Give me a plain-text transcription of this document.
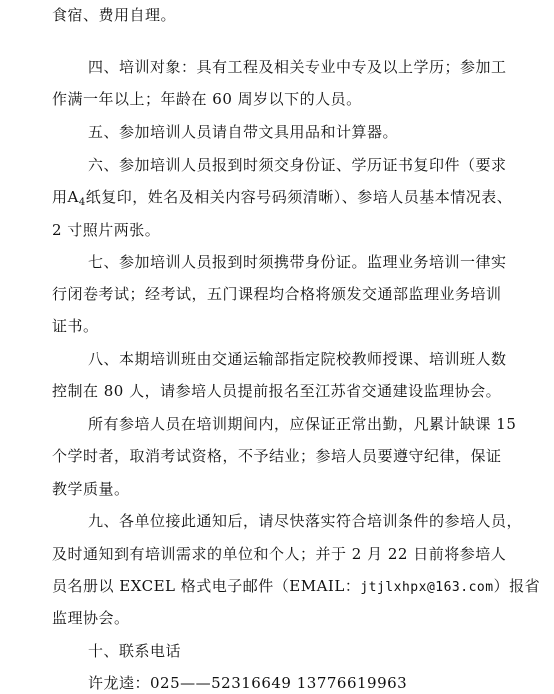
食宿、费用自理。
四、培训对象：具有工程及相关专业中专及以上学历；参加工
作满一年以上；年龄在 60 周岁以下的人员。
五、参加培训人员请自带文具用品和计算器。
六、参加培训人员报到时须交身份证、学历证书复印件（要求
用$A_4$纸复印，姓名及相关内容号码须清晰）、参培人员基本情况表、
2 寸照片两张。
七、参加培训人员报到时须携带身份证。监理业务培训一律实
行闭卷考试；经考试，五门课程均合格将颁发交通部监理业务培训
证书。
八、本期培训班由交通运输部指定院校教师授课、培训班人数
控制在 80 人，请参培人员提前报名至江苏省交通建设监理协会。
所有参培人员在培训期间内，应保证正常出勤，凡累计缺课 15
个学时者，取消考试资格，不予结业；参培人员要遵守纪律，保证
教学质量。
九、各单位接此通知后，请尽快落实符合培训条件的参培人员，
及时通知到有培训需求的单位和个人；并于 2 月 22 日前将参培人
员名册以 EXCEL 格式电子邮件（EMAIL：jtjlxhpx@163.com）报省
监理协会。
十、联系电话
许龙逵：025——52316649 13776619963
